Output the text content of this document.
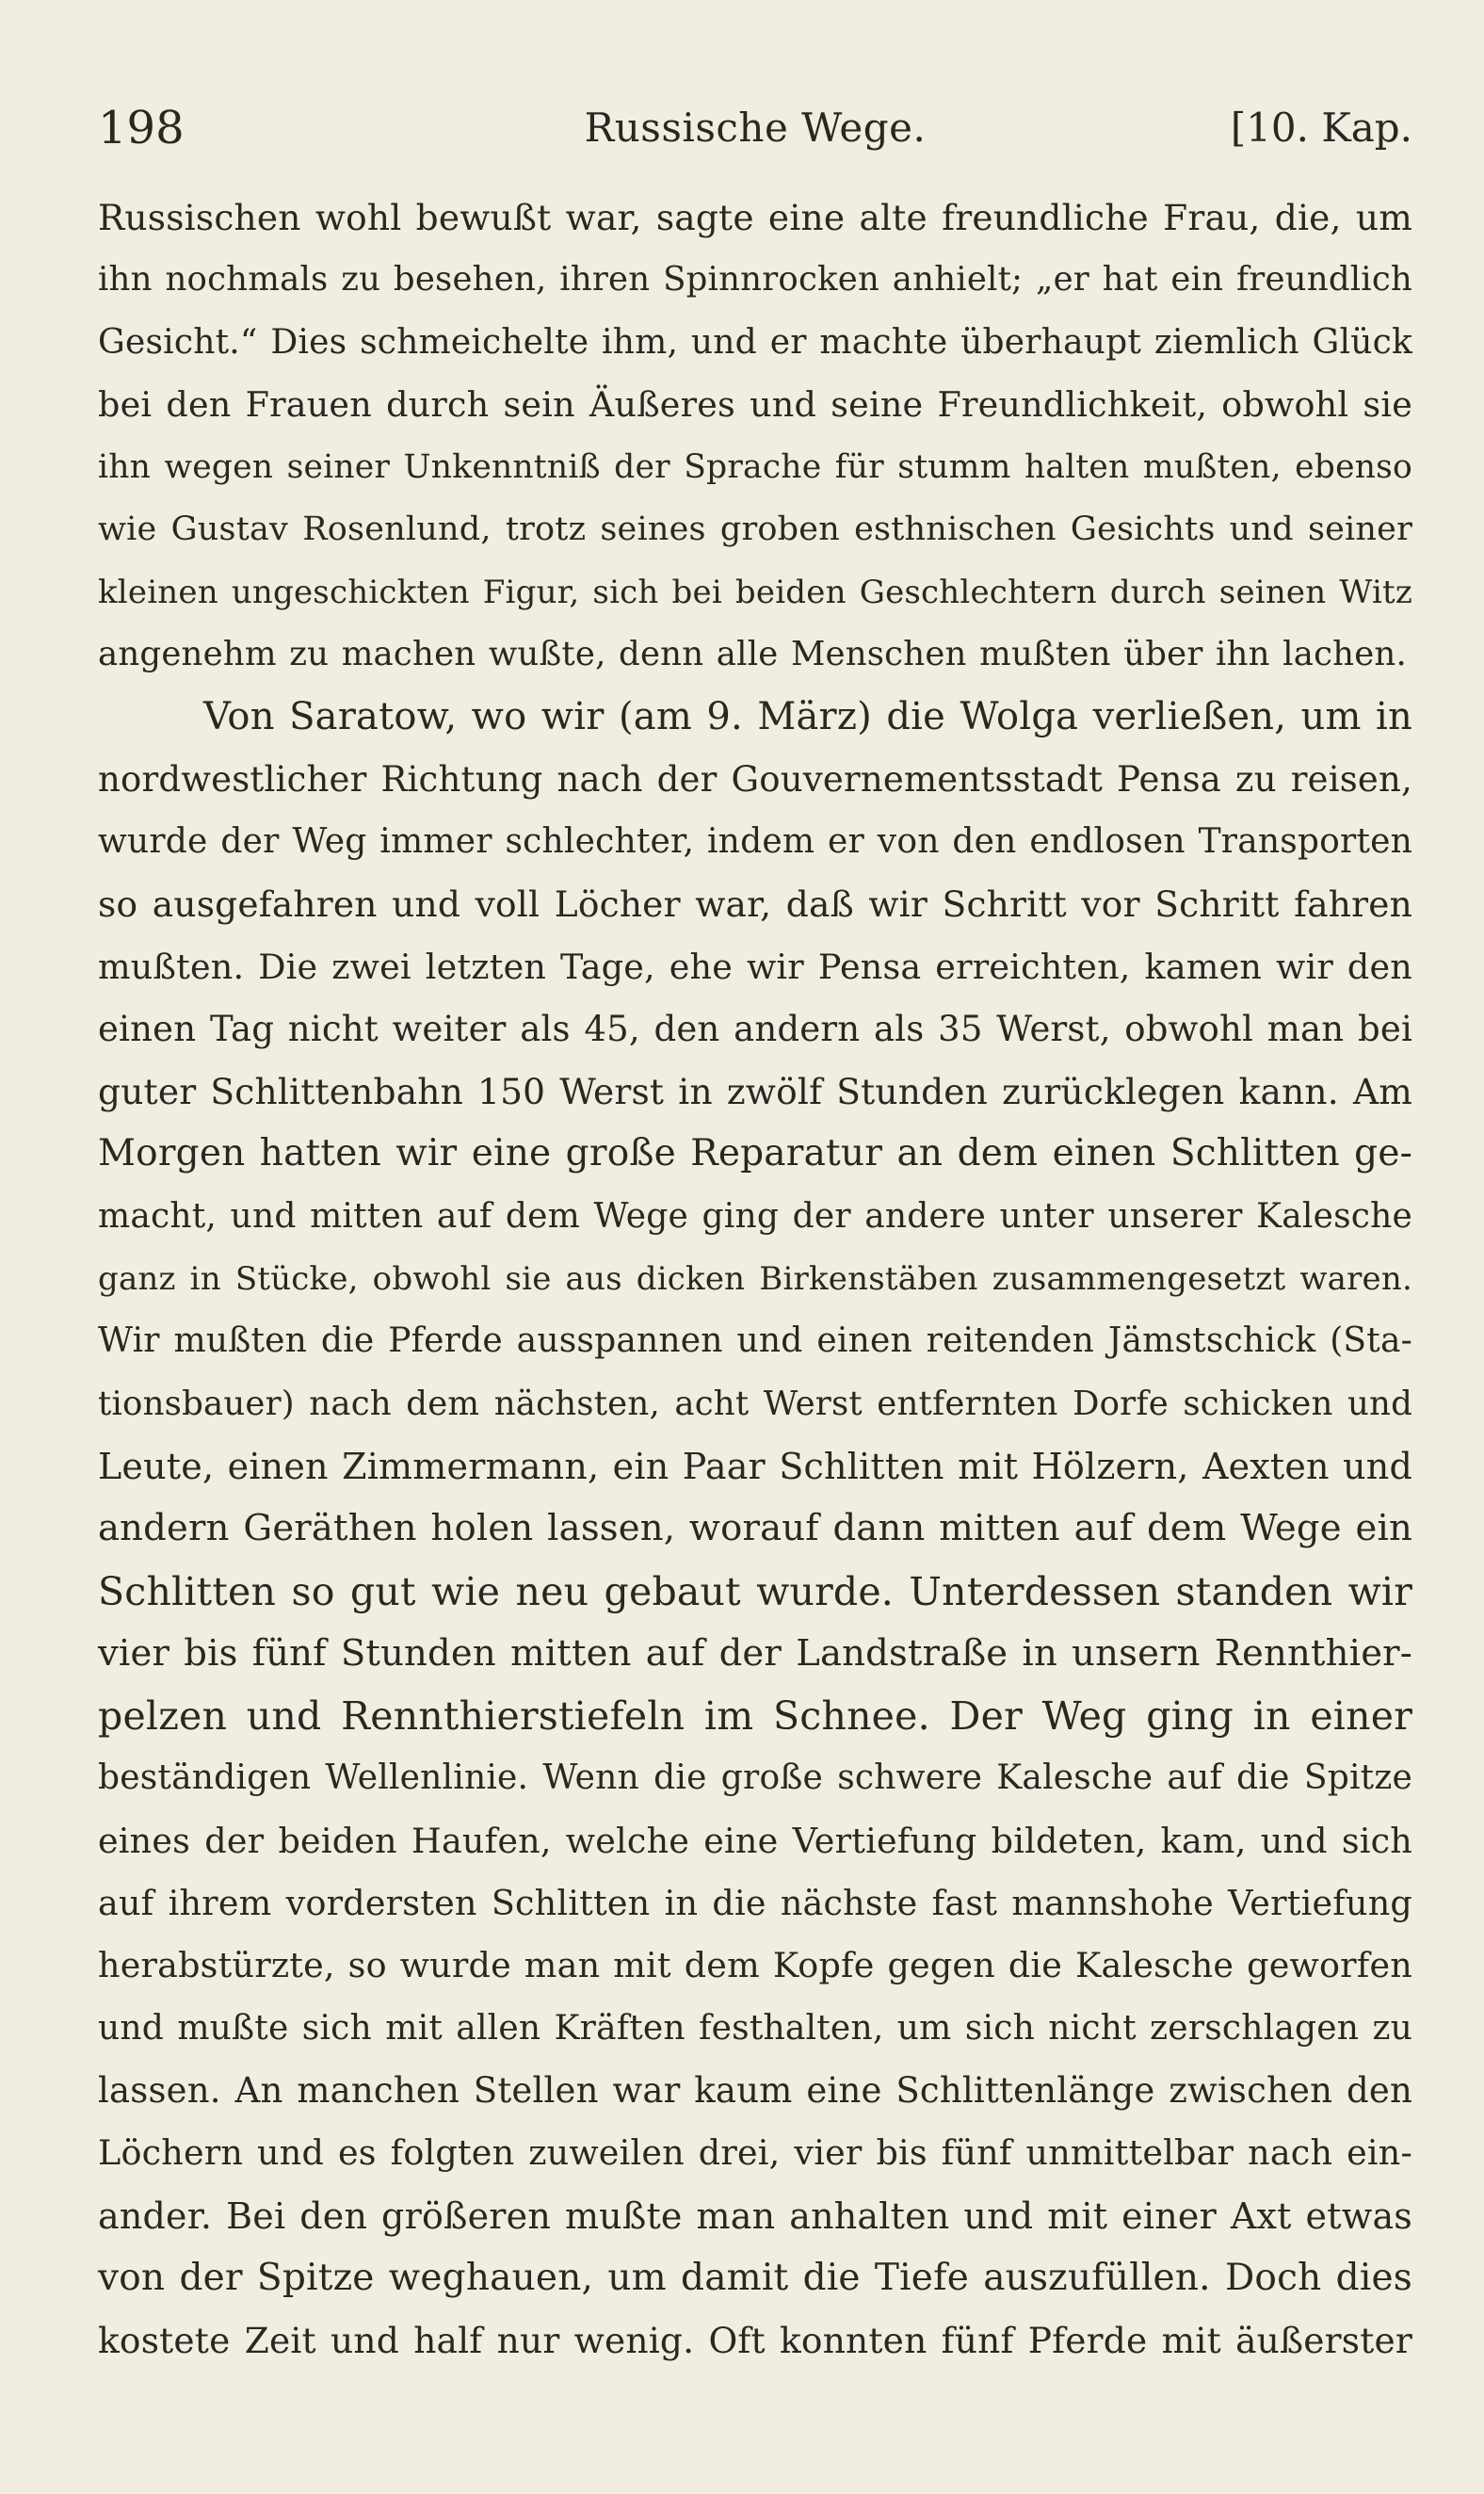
198	Russische Wege.	[10. Kap.
Russischen wohl bewußt war, sagte eine alte freundliche Frau, die, um
ihn nochmals zu besehen, ihren Spinnrocken anhielt; „er hat ein freundlich
Gesicht.“ Dies schmeichelte ihm, und er machte überhaupt ziemlich Glück
bei den Frauen durch sein Äußeres und seine Freundlichkeit, obwohl sie
ihn wegen seiner Unkenntniß der Sprache für stumm halten mußten, ebenso
wie Gustav Rosenlund, trotz seines groben esthnischen Gesichts und seiner
kleinen ungeschickten Figur, sich bei beiden Geschlechtern durch seinen Witz
angenehm zu machen wußte, denn alle Menschen mußten über ihn lachen.
Von Saratow, wo wir (am 9. März) die Wolga verließen, um in
nordwestlicher Richtung nach der Gouvernementsstadt Pensa zu reisen,
wurde der Weg immer schlechter, indem er von den endlosen Transporten
so ausgefahren und voll Löcher war, daß wir Schritt vor Schritt fahren
mußten. Die zwei letzten Tage, ehe wir Pensa erreichten, kamen wir den
einen Tag nicht weiter als 45, den andern als 35 Werst, obwohl man bei
guter Schlittenbahn 150 Werst in zwölf Stunden zurücklegen kann. Am
Morgen hatten wir eine große Reparatur an dem einen Schlitten ge-
macht, und mitten auf dem Wege ging der andere unter unserer Kalesche
ganz in Stücke, obwohl sie aus dicken Birkenstäben zusammengesetzt waren.
Wir mußten die Pferde ausspannen und einen reitenden Jämstschick (Sta-
tionsbauer) nach dem nächsten, acht Werst entfernten Dorfe schicken und
Leute, einen Zimmermann, ein Paar Schlitten mit Hölzern, Aexten und
andern Geräthen holen lassen, worauf dann mitten auf dem Wege ein
Schlitten so gut wie neu gebaut wurde. Unterdessen standen wir
vier bis fünf Stunden mitten auf der Landstraße in unsern Rennthier-
pelzen und Rennthierstiefeln im Schnee. Der Weg ging in einer
beständigen Wellenlinie. Wenn die große schwere Kalesche auf die Spitze
eines der beiden Haufen, welche eine Vertiefung bildeten, kam, und sich
auf ihrem vordersten Schlitten in die nächste fast mannshohe Vertiefung
herabstürzte, so wurde man mit dem Kopfe gegen die Kalesche geworfen
und mußte sich mit allen Kräften festhalten, um sich nicht zerschlagen zu
lassen. An manchen Stellen war kaum eine Schlittenlänge zwischen den
Löchern und es folgten zuweilen drei, vier bis fünf unmittelbar nach ein-
ander. Bei den größeren mußte man anhalten und mit einer Axt etwas
von der Spitze weghauen, um damit die Tiefe auszufüllen. Doch dies
kostete Zeit und half nur wenig. Oft konnten fünf Pferde mit äußerster
